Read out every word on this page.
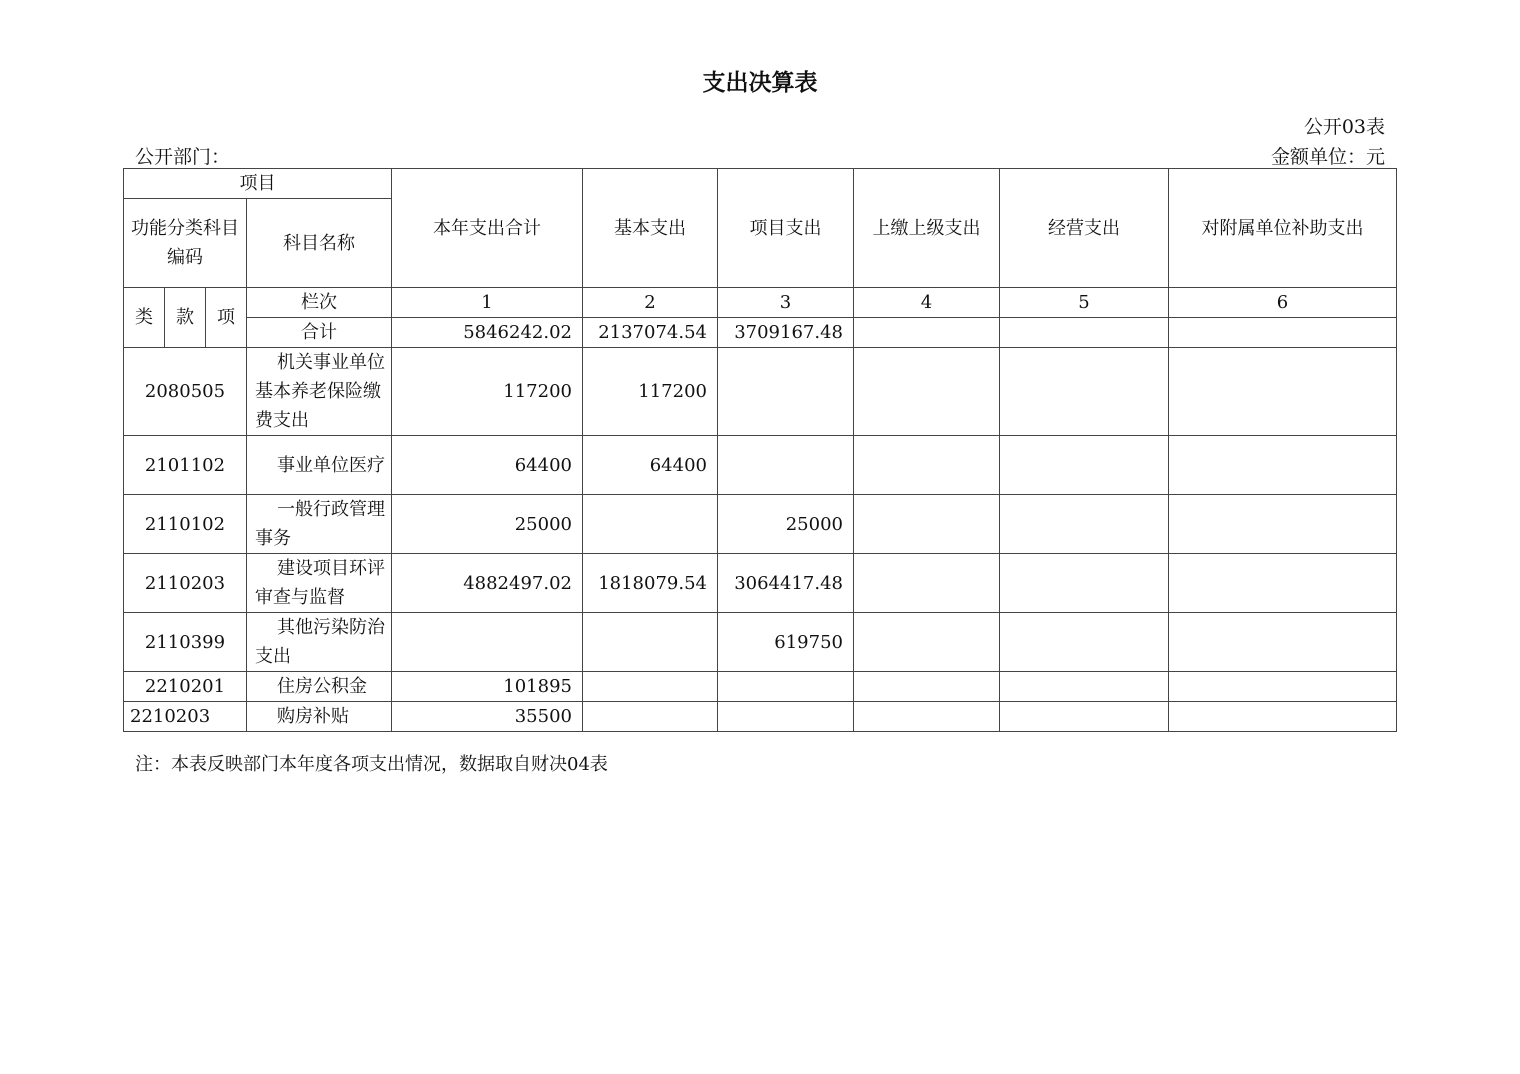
支出决算表
公开03表
公开部门：	金额单位：元
项目				本年支出合计	基本支出	项目支出	上缴上级支出	经营支出	对附属单位补助支出
功能分类科目编码			科目名称						
类	款	项	栏次	1	2	3	4	5	6
			合计	5846242.02	2137074.54	3709167.48			
2080505			机关事业单位基本养老保险缴费支出	117200	117200				
2101102			事业单位医疗	64400	64400				
2110102			一般行政管理事务	25000		25000			
2110203			建设项目环评审查与监督	4882497.02	1818079.54	3064417.48			
2110399			其他污染防治支出			619750			
2210201			住房公积金	101895					
2210203			购房补贴	35500					
注：本表反映部门本年度各项支出情况，数据取自财决04表
